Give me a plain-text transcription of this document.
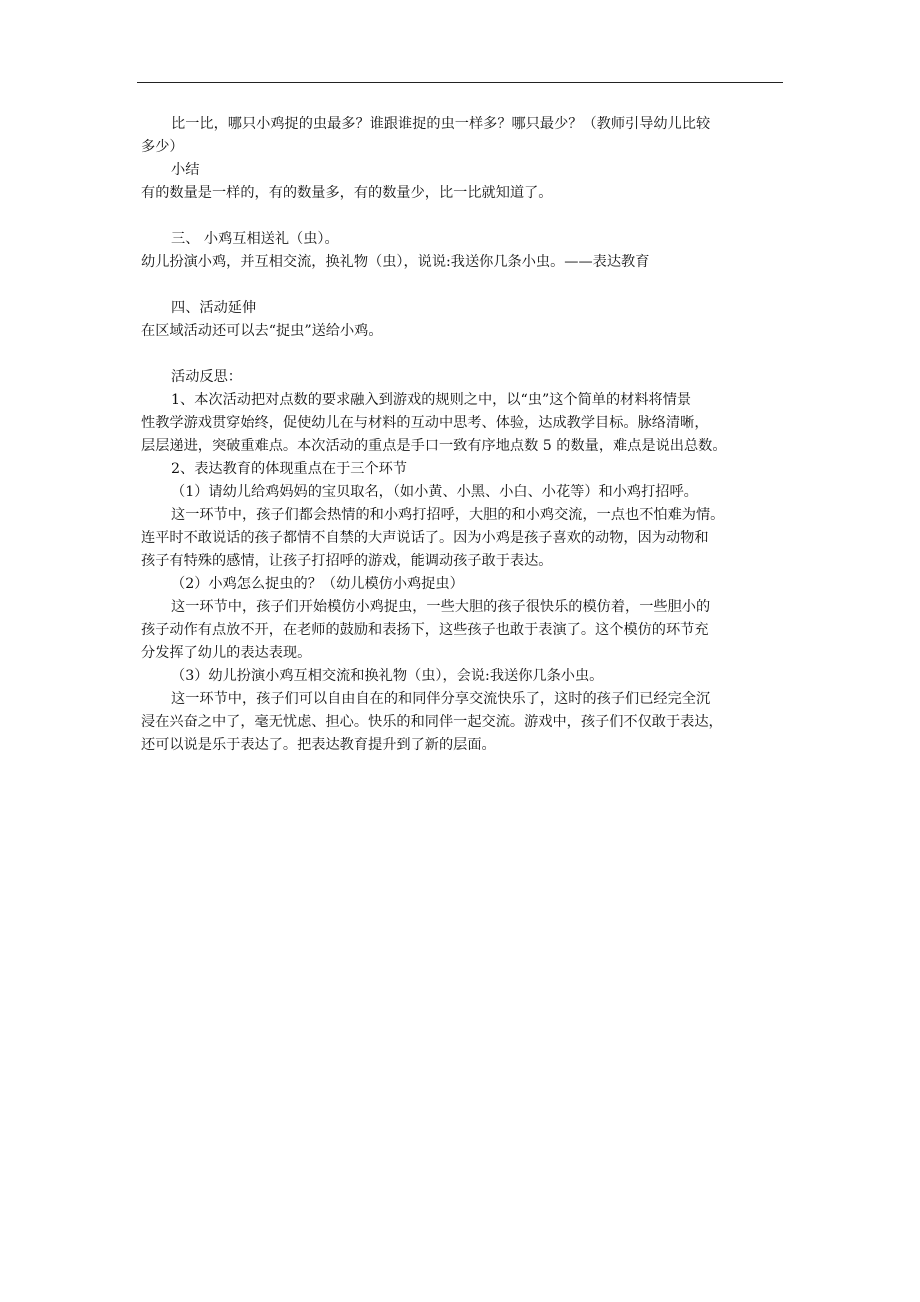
比一比，哪只小鸡捉的虫最多？谁跟谁捉的虫一样多？哪只最少？（教师引导幼儿比较

多少）

小结

有的数量是一样的，有的数量多，有的数量少，比一比就知道了。

三、 小鸡互相送礼（虫）。

幼儿扮演小鸡，并互相交流，换礼物（虫），说说:我送你几条小虫。——表达教育

四、活动延伸

在区域活动还可以去“捉虫”送给小鸡。

活动反思：

1、本次活动把对点数的要求融入到游戏的规则之中，以“虫”这个简单的材料将情景

性教学游戏贯穿始终，促使幼儿在与材料的互动中思考、体验，达成教学目标。脉络清晰，

层层递进，突破重难点。本次活动的重点是手口一致有序地点数 5 的数量，难点是说出总数。

2、表达教育的体现重点在于三个环节

（1）请幼儿给鸡妈妈的宝贝取名，（如小黄、小黑、小白、小花等）和小鸡打招呼。

这一环节中，孩子们都会热情的和小鸡打招呼，大胆的和小鸡交流，一点也不怕难为情。

连平时不敢说话的孩子都情不自禁的大声说话了。因为小鸡是孩子喜欢的动物，因为动物和

孩子有特殊的感情，让孩子打招呼的游戏，能调动孩子敢于表达。

（2）小鸡怎么捉虫的？（幼儿模仿小鸡捉虫）

这一环节中，孩子们开始模仿小鸡捉虫，一些大胆的孩子很快乐的模仿着，一些胆小的

孩子动作有点放不开，在老师的鼓励和表扬下，这些孩子也敢于表演了。这个模仿的环节充

分发挥了幼儿的表达表现。

（3）幼儿扮演小鸡互相交流和换礼物（虫），会说:我送你几条小虫。

这一环节中，孩子们可以自由自在的和同伴分享交流快乐了，这时的孩子们已经完全沉

浸在兴奋之中了，毫无忧虑、担心。快乐的和同伴一起交流。游戏中，孩子们不仅敢于表达，

还可以说是乐于表达了。把表达教育提升到了新的层面。
